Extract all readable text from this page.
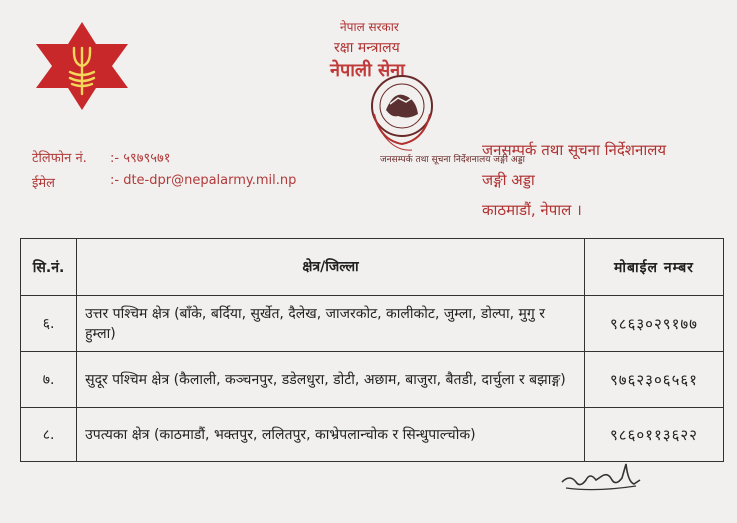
नेपाल सरकार
रक्षा मन्त्रालय
नेपाली सेना
जनसम्पर्क तथा सूचना निर्देशनालय जङ्गी अड्डा
टेलिफोन नं. :- ५९७९५७१
ईमेल	:- dte-dpr@nepalarmy.mil.np
जनसम्पर्क तथा सूचना निर्देशनालय
जङ्गी अड्डा
काठमाडौं, नेपाल ।
सि.नं.	क्षेत्र/जिल्ला	मोबाईल नम्बर
६.	उत्तर पश्चिम क्षेत्र (बाँके, बर्दिया, सुर्खेत, दैलेख, जाजरकोट, कालीकोट, जुम्ला, डोल्पा, मुगु र हुम्ला)	९८६३०२९१७७
७.	सुदूर पश्चिम क्षेत्र (कैलाली, कञ्चनपुर, डडेलधुरा, डोटी, अछाम, बाजुरा, बैतडी, दार्चुला र बझाङ्ग)	९७६२३०६५६१
८.	उपत्यका क्षेत्र (काठमाडौं, भक्तपुर, ललितपुर, काभ्रेपलान्चोक र सिन्धुपाल्चोक)	९८६०११३६२२
